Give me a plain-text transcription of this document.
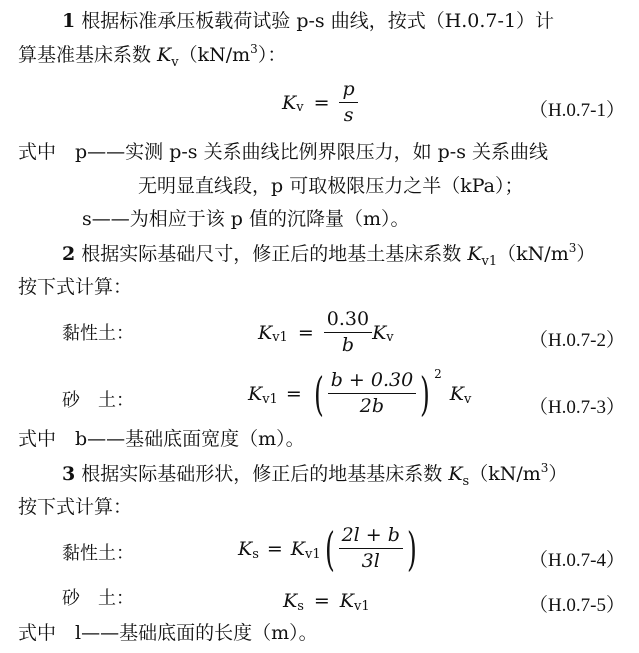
1 根据标准承压板载荷试验 p-s 曲线，按式（H.0.7-1）计
算基准基床系数 $K_v(kN/m^3)$：
K $v = \frac{p}{s}$	（H.0.7-1）
式中　p——实测 p-s 关系曲线比例界限压力，如 p-s 关系曲线
无明显直线段，p 可取极限压力之半（kPa）；
s——为相应于该 p 值的沉降量（m）。
2 根据实际基础尺寸，修正后的地基土基床系数 $K_{v1}(kN/m^3)$
按下式计算：
黏性土：	K $v1 = \frac{0.30}{b}$ K v	（H.0.7-2）
砂　土：	K v1 = ( $\frac{b + 0.30}{2b}$ ) 2
K v	（H.0.7-3）
式中　b——基础底面宽度（m）。
3 根据实际基础形状，修正后的地基基床系数 $K_s(kN/m^3)$
按下式计算：
黏性土：	K s = K v1 ( $\frac{2l + b}{3l}$ )	（H.0.7-4）
砂　土：	K s = K v1	（H.0.7-5）
式中　l——基础底面的长度（m）。
